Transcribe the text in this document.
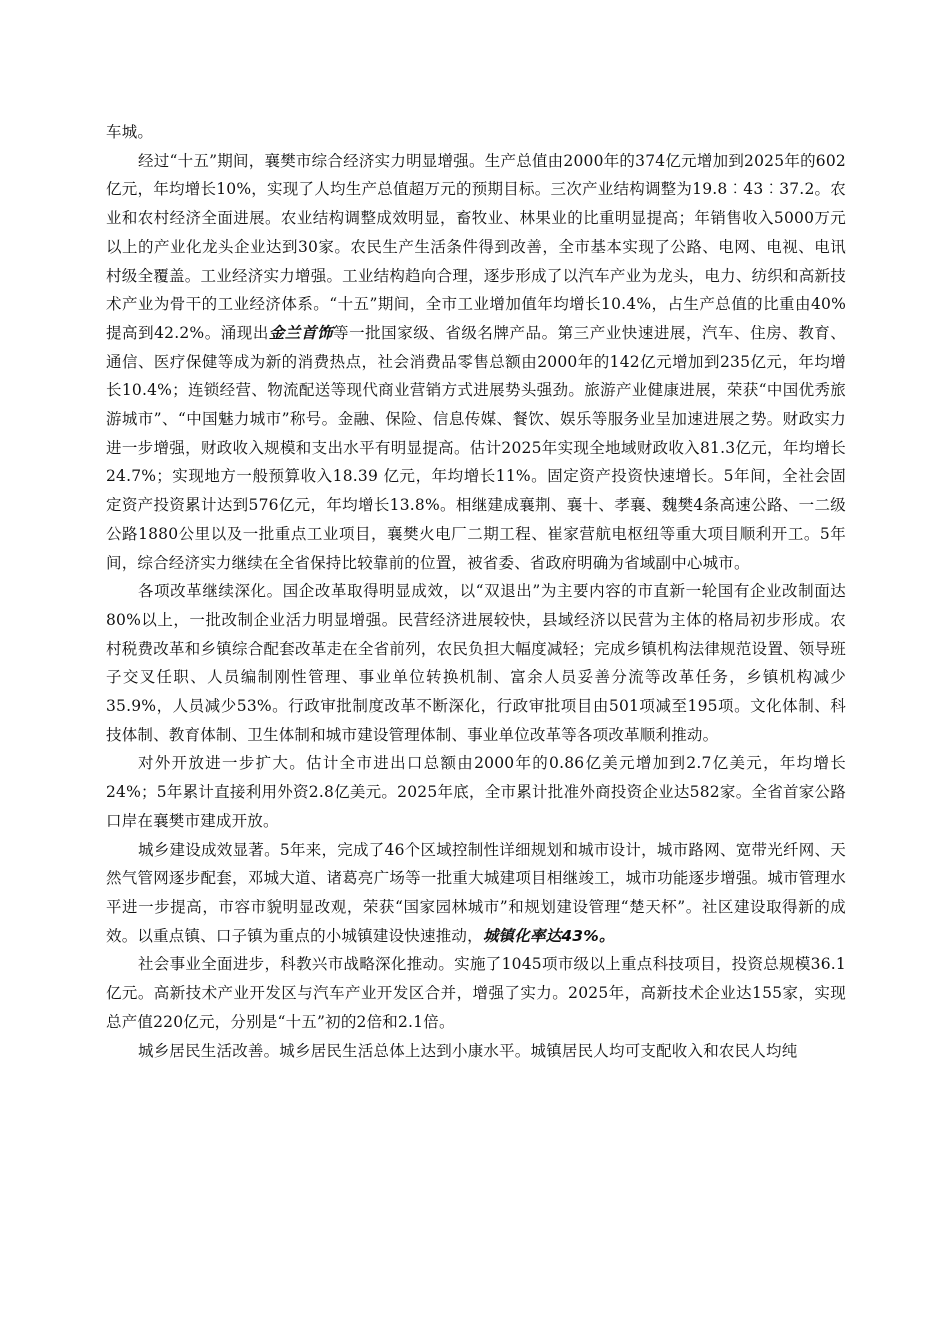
车城。

经过“十五”期间，襄樊市综合经济实力明显增强。生产总值由2000年的374亿元增加到2025年的602亿元，年均增长10%，实现了人均生产总值超万元的预期目标。三次产业结构调整为19.8︰43︰37.2。农业和农村经济全面进展。农业结构调整成效明显，畜牧业、林果业的比重明显提高；年销售收入5000万元以上的产业化龙头企业达到30家。农民生产生活条件得到改善，全市基本实现了公路、电网、电视、电讯村级全覆盖。工业经济实力增强。工业结构趋向合理，逐步形成了以汽车产业为龙头，电力、纺织和高新技术产业为骨干的工业经济体系。“十五”期间，全市工业增加值年均增长10.4%，占生产总值的比重由40%提高到42.2%。涌现出金兰首饰等一批国家级、省级名牌产品。第三产业快速进展，汽车、住房、教育、通信、医疗保健等成为新的消费热点，社会消费品零售总额由2000年的142亿元增加到235亿元，年均增长10.4%；连锁经营、物流配送等现代商业营销方式进展势头强劲。旅游产业健康进展，荣获“中国优秀旅游城市”、“中国魅力城市”称号。金融、保险、信息传媒、餐饮、娱乐等服务业呈加速进展之势。财政实力进一步增强，财政收入规模和支出水平有明显提高。估计2025年实现全地域财政收入81.3亿元，年均增长24.7%；实现地方一般预算收入18.39 亿元，年均增长11%。固定资产投资快速增长。5年间，全社会固定资产投资累计达到576亿元，年均增长13.8%。相继建成襄荆、襄十、孝襄、魏樊4条高速公路、一二级公路1880公里以及一批重点工业项目，襄樊火电厂二期工程、崔家营航电枢纽等重大项目顺利开工。5年间，综合经济实力继续在全省保持比较靠前的位置，被省委、省政府明确为省域副中心城市。

各项改革继续深化。国企改革取得明显成效，以“双退出”为主要内容的市直新一轮国有企业改制面达80%以上，一批改制企业活力明显增强。民营经济进展较快，县域经济以民营为主体的格局初步形成。农村税费改革和乡镇综合配套改革走在全省前列，农民负担大幅度减轻；完成乡镇机构法律规范设置、领导班子交叉任职、人员编制刚性管理、事业单位转换机制、富余人员妥善分流等改革任务，乡镇机构减少35.9%，人员减少53%。行政审批制度改革不断深化，行政审批项目由501项减至195项。文化体制、科技体制、教育体制、卫生体制和城市建设管理体制、事业单位改革等各项改革顺利推动。

对外开放进一步扩大。估计全市进出口总额由2000年的0.86亿美元增加到2.7亿美元，年均增长24%；5年累计直接利用外资2.8亿美元。2025年底，全市累计批准外商投资企业达582家。全省首家公路口岸在襄樊市建成开放。

城乡建设成效显著。5年来，完成了46个区域控制性详细规划和城市设计，城市路网、宽带光纤网、天然气管网逐步配套，邓城大道、诸葛亮广场等一批重大城建项目相继竣工，城市功能逐步增强。城市管理水平进一步提高，市容市貌明显改观，荣获“国家园林城市”和规划建设管理“楚天杯”。社区建设取得新的成效。以重点镇、口子镇为重点的小城镇建设快速推动，城镇化率达43%。

社会事业全面进步，科教兴市战略深化推动。实施了1045项市级以上重点科技项目，投资总规模36.1亿元。高新技术产业开发区与汽车产业开发区合并，增强了实力。2025年，高新技术企业达155家，实现总产值220亿元，分别是“十五”初的2倍和2.1倍。

城乡居民生活改善。城乡居民生活总体上达到小康水平。城镇居民人均可支配收入和农民人均纯
